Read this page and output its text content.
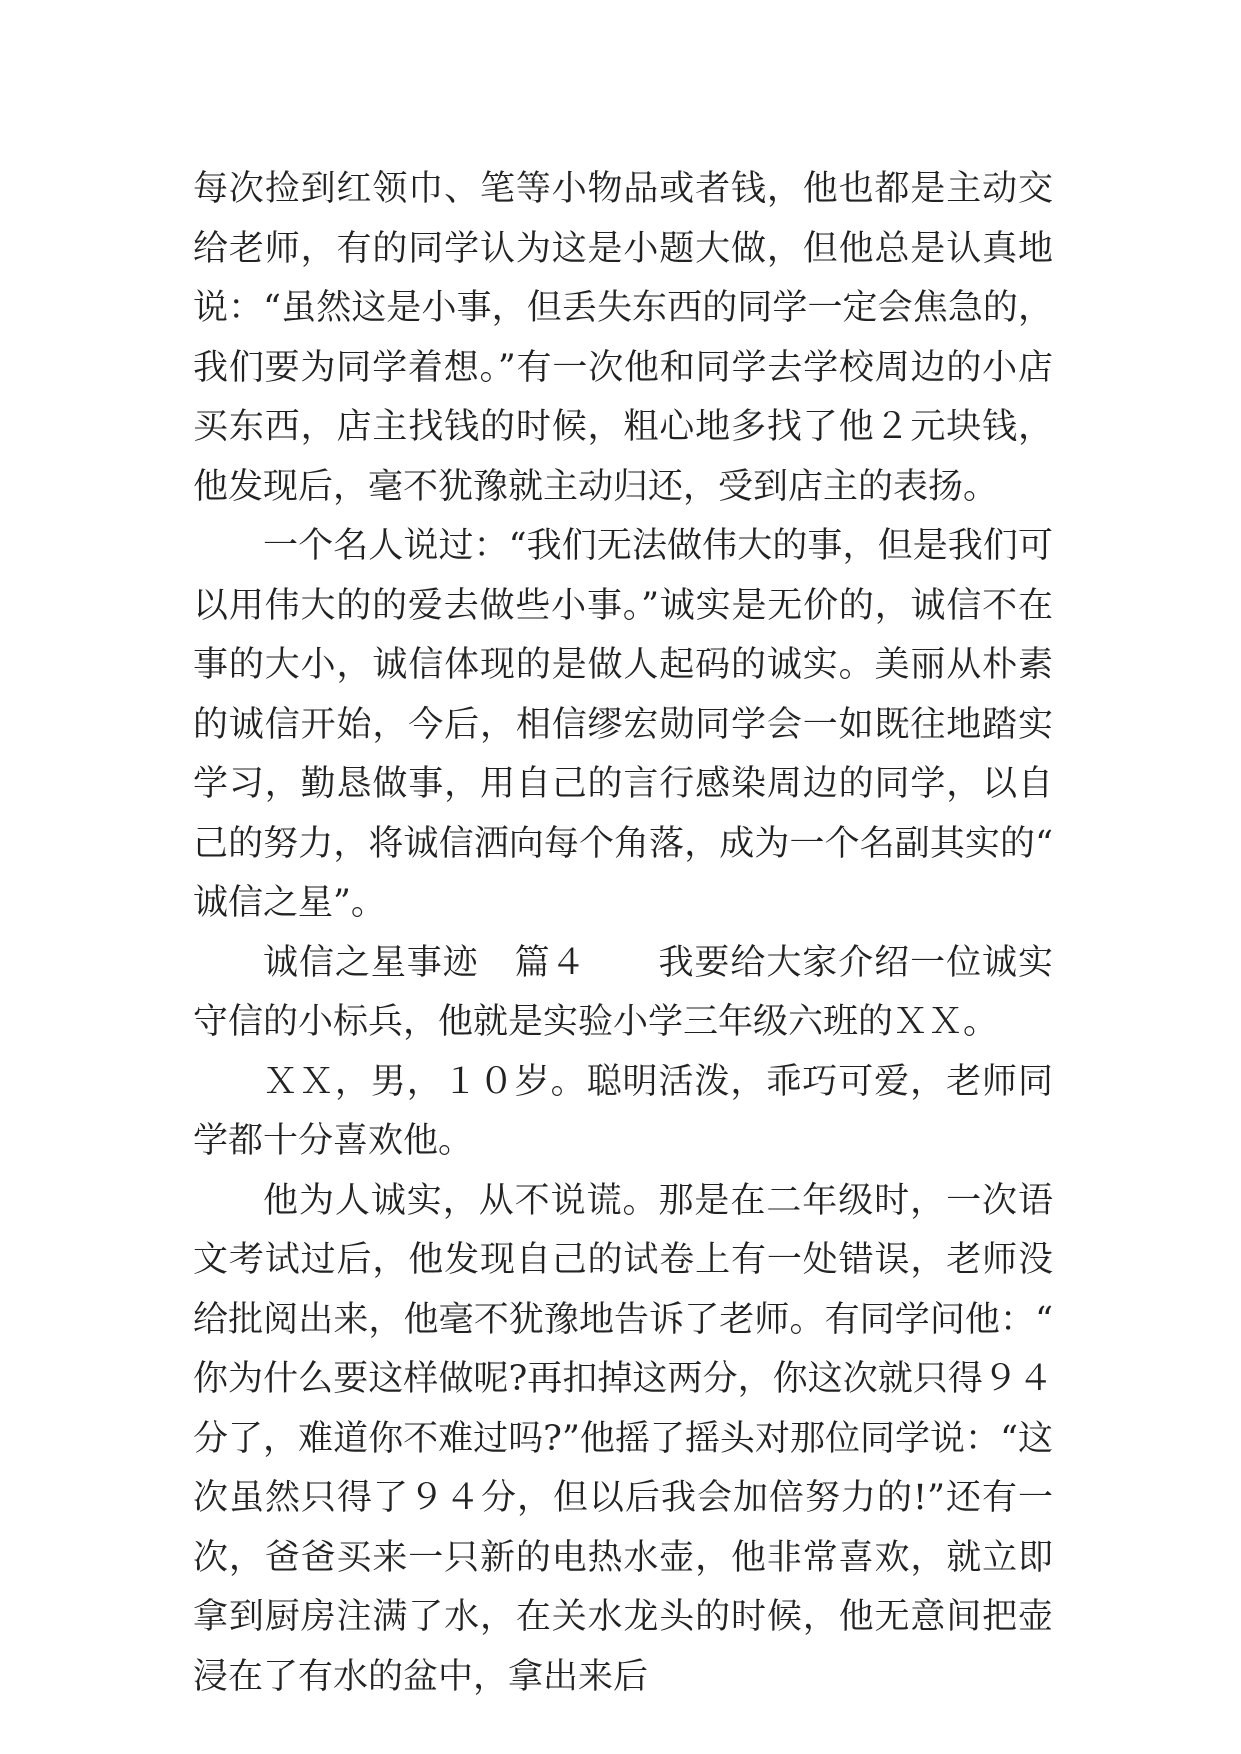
每次捡到红领巾、笔等小物品或者钱，他也都是主动交给老师，有的同学认为这是小题大做，但他总是认真地说：“虽然这是小事，但丢失东西的同学一定会焦急的，我们要为同学着想。”有一次他和同学去学校周边的小店买东西，店主找钱的时候，粗心地多找了他２元块钱，他发现后，毫不犹豫就主动归还，受到店主的表扬。

一个名人说过：“我们无法做伟大的事，但是我们可以用伟大的的爱去做些小事。”诚实是无价的，诚信不在事的大小，诚信体现的是做人起码的诚实。美丽从朴素的诚信开始，今后，相信缪宏勋同学会一如既往地踏实学习，勤恳做事，用自己的言行感染周边的同学，以自己的努力，将诚信洒向每个角落，成为一个名副其实的“诚信之星”。

诚信之星事迹　篇４　　我要给大家介绍一位诚实守信的小标兵，他就是实验小学三年级六班的ＸＸ。

ＸＸ，男，１０岁。聪明活泼，乖巧可爱，老师同学都十分喜欢他。

他为人诚实，从不说谎。那是在二年级时，一次语文考试过后，他发现自己的试卷上有一处错误，老师没给批阅出来，他毫不犹豫地告诉了老师。有同学问他：“你为什么要这样做呢?再扣掉这两分，你这次就只得９４分了，难道你不难过吗?”他摇了摇头对那位同学说：“这次虽然只得了９４分，但以后我会加倍努力的!”还有一次，爸爸买来一只新的电热水壶，他非常喜欢，就立即拿到厨房注满了水，在关水龙头的时候，他无意间把壶浸在了有水的盆中，拿出来后
